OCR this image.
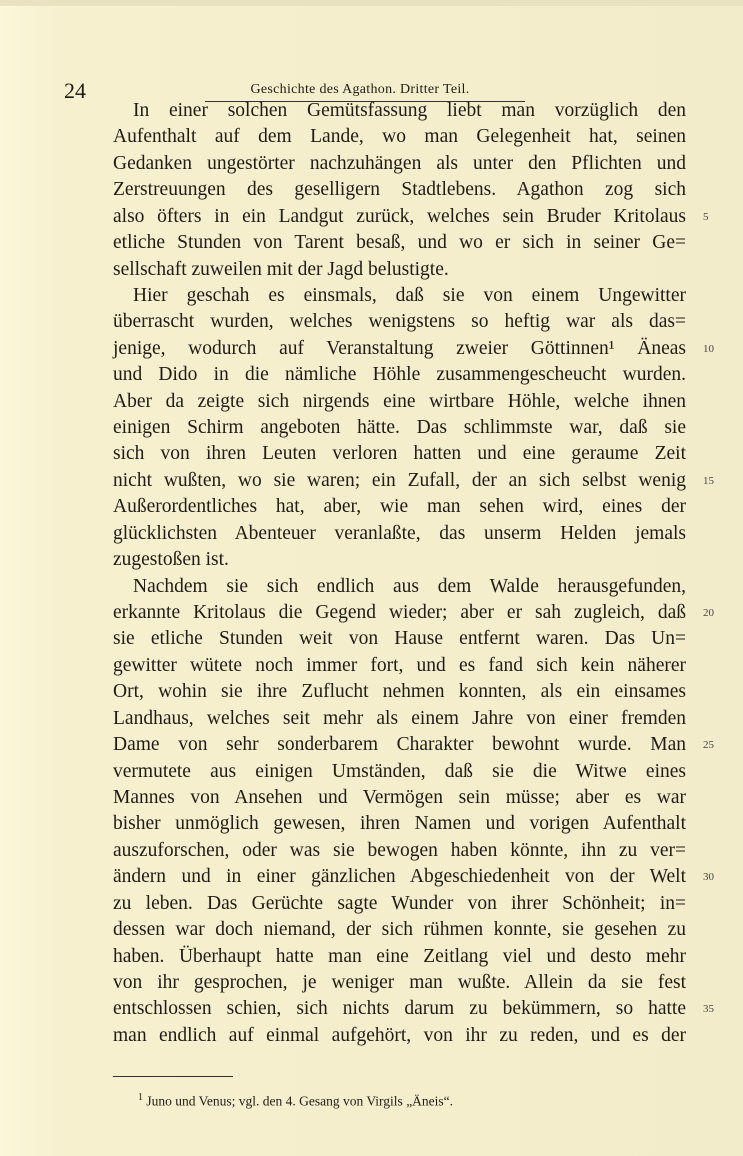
24	Geschichte des Agathon. Dritter Teil.
In einer solchen Gemütsfassung liebt man vorzüglich den
Aufenthalt auf dem Lande, wo man Gelegenheit hat, seinen
Gedanken ungestörter nachzuhängen als unter den Pflichten und
Zerstreuungen des geselligern Stadtlebens. Agathon zog sich
also öfters in ein Landgut zurück, welches sein Bruder Kritolaus 5
etliche Stunden von Tarent besaß, und wo er sich in seiner Ge=
sellschaft zuweilen mit der Jagd belustigte.
Hier geschah es einsmals, daß sie von einem Ungewitter
überrascht wurden, welches wenigstens so heftig war als das=
jenige, wodurch auf Veranstaltung zweier Göttinnen¹ Äneas 10
und Dido in die nämliche Höhle zusammengescheucht wurden.
Aber da zeigte sich nirgends eine wirtbare Höhle, welche ihnen
einigen Schirm angeboten hätte. Das schlimmste war, daß sie
sich von ihren Leuten verloren hatten und eine geraume Zeit
nicht wußten, wo sie waren; ein Zufall, der an sich selbst wenig 15
Außerordentliches hat, aber, wie man sehen wird, eines der
glücklichsten Abenteuer veranlaßte, das unserm Helden jemals
zugestoßen ist.
Nachdem sie sich endlich aus dem Walde herausgefunden,
erkannte Kritolaus die Gegend wieder; aber er sah zugleich, daß 20
sie etliche Stunden weit von Hause entfernt waren. Das Un=
gewitter wütete noch immer fort, und es fand sich kein näherer
Ort, wohin sie ihre Zuflucht nehmen konnten, als ein einsames
Landhaus, welches seit mehr als einem Jahre von einer fremden
Dame von sehr sonderbarem Charakter bewohnt wurde. Man 25
vermutete aus einigen Umständen, daß sie die Witwe eines
Mannes von Ansehen und Vermögen sein müsse; aber es war
bisher unmöglich gewesen, ihren Namen und vorigen Aufenthalt
auszuforschen, oder was sie bewogen haben könnte, ihn zu ver=
ändern und in einer gänzlichen Abgeschiedenheit von der Welt 30
zu leben. Das Gerüchte sagte Wunder von ihrer Schönheit; in=
dessen war doch niemand, der sich rühmen konnte, sie gesehen zu
haben. Überhaupt hatte man eine Zeitlang viel und desto mehr
von ihr gesprochen, je weniger man wußte. Allein da sie fest
entschlossen schien, sich nichts darum zu bekümmern, so hatte 35
man endlich auf einmal aufgehört, von ihr zu reden, und es der
$^1$ Juno und Venus; vgl. den 4. Gesang von Virgils „Äneis“.
